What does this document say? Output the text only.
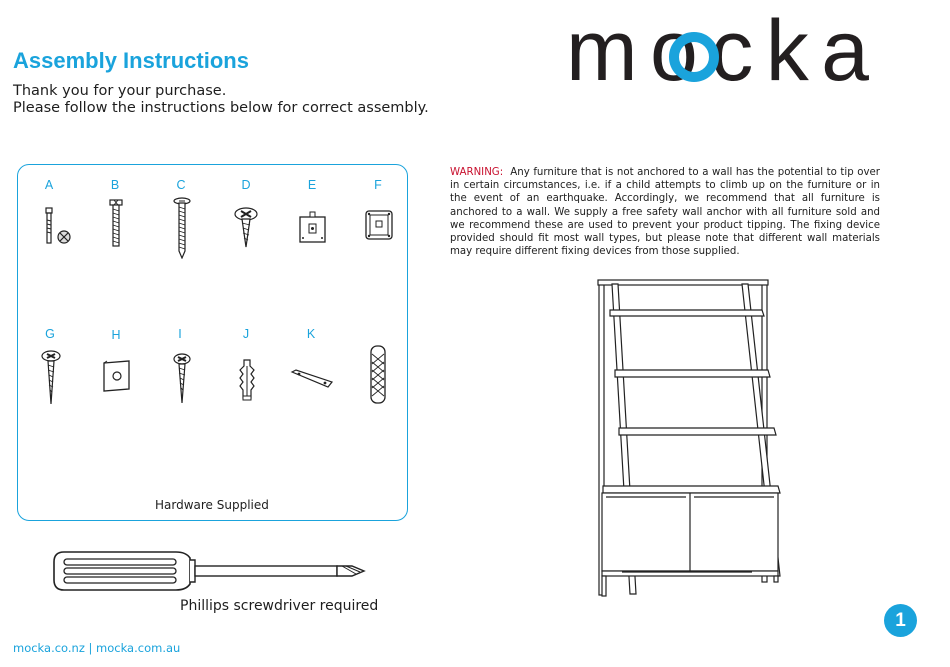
Assembly Instructions
Thank you for your purchase.
Please follow the instructions below for correct assembly.
mocka
A	B	C	D	E	F
G	H	I	J	K
Hardware Supplied
Phillips screwdriver required
WARNING: Any furniture that is not anchored to a wall has the potential to tip over in certain circumstances, i.e. if a child attempts to climb up on the furniture or in the event of an earthquake. Accordingly, we recommend that all furniture is anchored to a wall. We supply a free safety wall anchor with all furniture sold and we recommend these are used to prevent your product tipping. The fixing device provided should fit most wall types, but please note that different wall materials may require different fixing devices from those supplied.
mocka.co.nz | mocka.com.au
1
